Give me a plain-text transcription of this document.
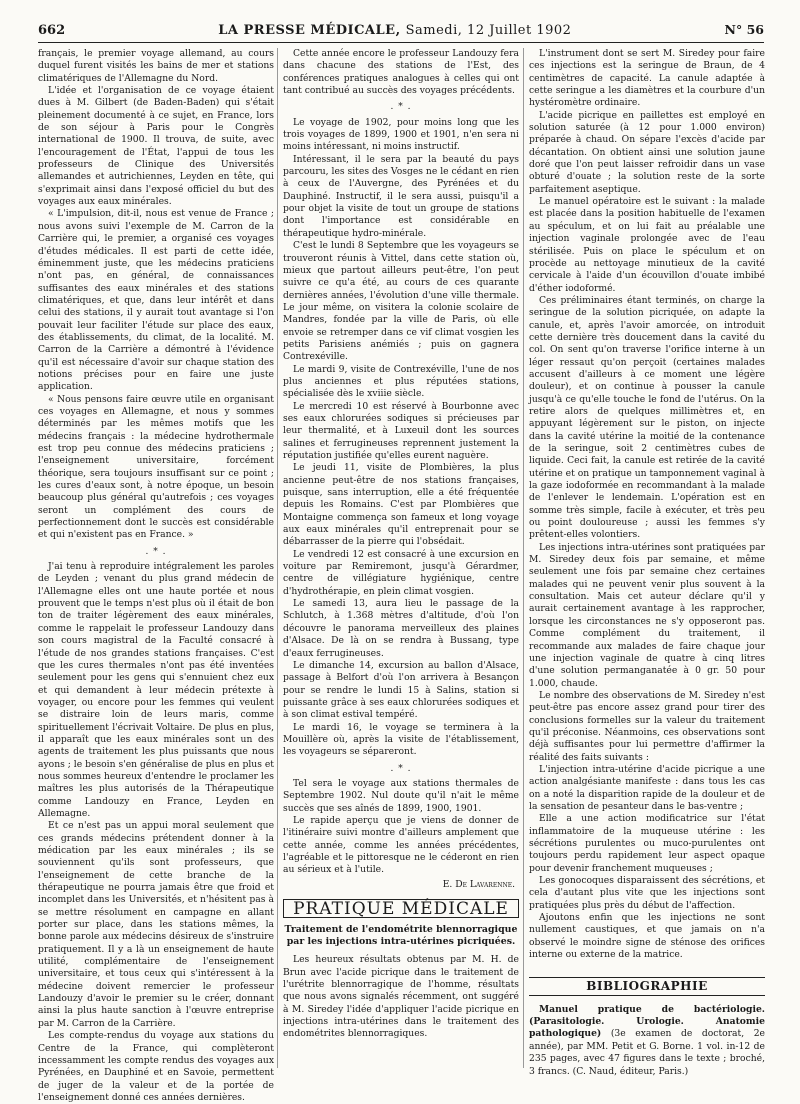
662	LA PRESSE MÉDICALE, Samedi, 12 Juillet 1902	N° 56

français, le premier voyage allemand, au cours duquel furent visités les bains de mer et stations climatériques de l'Allemagne du Nord.

L'idée et l'organisation de ce voyage étaient dues à M. Gilbert (de Baden-Baden) qui s'était pleinement documenté à ce sujet, en France, lors de son séjour à Paris pour le Congrès international de 1900. Il trouva, de suite, avec l'encouragement de l'État, l'appui de tous les professeurs de Clinique des Universités allemandes et autrichiennes, Leyden en tête, qui s'exprimait ainsi dans l'exposé officiel du but des voyages aux eaux minérales.

« L'impulsion, dit-il, nous est venue de France ; nous avons suivi l'exemple de M. Carron de la Carrière qui, le premier, a organisé ces voyages d'études médicales. Il est parti de cette idée, éminemment juste, que les médecins praticiens n'ont pas, en général, de connaissances suffisantes des eaux minérales et des stations climatériques, et que, dans leur intérêt et dans celui des stations, il y aurait tout avantage si l'on pouvait leur faciliter l'étude sur place des eaux, des établissements, du climat, de la localité. M. Carron de la Carrière a démontré à l'évidence qu'il est nécessaire d'avoir sur chaque station des notions précises pour en faire une juste application.

« Nous pensons faire œuvre utile en organisant ces voyages en Allemagne, et nous y sommes déterminés par les mêmes motifs que les médecins français : la médecine hydrothermale est trop peu connue des médecins praticiens ; l'enseignement universitaire, forcément théorique, sera toujours insuffisant sur ce point ; les cures d'eaux sont, à notre époque, un besoin beaucoup plus général qu'autrefois ; ces voyages seront un complément des cours de perfectionnement dont le succès est considérable et qui n'existent pas en France. »

. * .

J'ai tenu à reproduire intégralement les paroles de Leyden ; venant du plus grand médecin de l'Allemagne elles ont une haute portée et nous prouvent que le temps n'est plus où il était de bon ton de traiter légèrement des eaux minérales, comme le rappelait le professeur Landouzy dans son cours magistral de la Faculté consacré à l'étude de nos grandes stations françaises. C'est que les cures thermales n'ont pas été inventées seulement pour les gens qui s'ennuient chez eux et qui demandent à leur médecin prétexte à voyager, ou encore pour les femmes qui veulent se distraire loin de leurs maris, comme spirituellement l'écrivait Voltaire. De plus en plus, il apparaît que les eaux minérales sont un des agents de traitement les plus puissants que nous ayons ; le besoin s'en généralise de plus en plus et nous sommes heureux d'entendre le proclamer les maîtres les plus autorisés de la Thérapeutique comme Landouzy en France, Leyden en Allemagne.

Et ce n'est pas un appui moral seulement que ces grands médecins prétendent donner à la médication par les eaux minérales ; ils se souviennent qu'ils sont professeurs, que l'enseignement de cette branche de la thérapeutique ne pourra jamais être que froid et incomplet dans les Universités, et n'hésitent pas à se mettre résolument en campagne en allant porter sur place, dans les stations mêmes, la bonne parole aux médecins désireux de s'instruire pratiquement. Il y a là un enseignement de haute utilité, complémentaire de l'enseignement universitaire, et tous ceux qui s'intéressent à la médecine doivent remercier le professeur Landouzy d'avoir le premier su le créer, donnant ainsi la plus haute sanction à l'œuvre entreprise par M. Carron de la Carrière.

Les compte-rendus du voyage aux stations du Centre de la France, qui complèteront incessamment les compte rendus des voyages aux Pyrénées, en Dauphiné et en Savoie, permettent de juger de la valeur et de la portée de l'enseignement donné ces années dernières.

Cette année encore le professeur Landouzy fera dans chacune des stations de l'Est, des conférences pratiques analogues à celles qui ont tant contribué au succès des voyages précédents.

. * .

Le voyage de 1902, pour moins long que les trois voyages de 1899, 1900 et 1901, n'en sera ni moins intéressant, ni moins instructif.

Intéressant, il le sera par la beauté du pays parcouru, les sites des Vosges ne le cédant en rien à ceux de l'Auvergne, des Pyrénées et du Dauphiné. Instructif, il le sera aussi, puisqu'il a pour objet la visite de tout un groupe de stations dont l'importance est considérable en thérapeutique hydro-minérale.

C'est le lundi 8 Septembre que les voyageurs se trouveront réunis à Vittel, dans cette station où, mieux que partout ailleurs peut-être, l'on peut suivre ce qu'a été, au cours de ces quarante dernières années, l'évolution d'une ville thermale. Le jour même, on visitera la colonie scolaire de Mandres, fondée par la ville de Paris, où elle envoie se retremper dans ce vif climat vosgien les petits Parisiens anémiés ; puis on gagnera Contrexéville.

Le mardi 9, visite de Contrexéville, l'une de nos plus anciennes et plus réputées stations, spécialisée dès le xviiie siècle.

Le mercredi 10 est réservé à Bourbonne avec ses eaux chlorurées sodiques si précieuses par leur thermalité, et à Luxeuil dont les sources salines et ferrugineuses reprennent justement la réputation justifiée qu'elles eurent naguère.

Le jeudi 11, visite de Plombières, la plus ancienne peut-être de nos stations françaises, puisque, sans interruption, elle a été fréquentée depuis les Romains. C'est par Plombières que Montaigne commença son fameux et long voyage aux eaux minérales qu'il entreprenait pour se débarrasser de la pierre qui l'obsédait.

Le vendredi 12 est consacré à une excursion en voiture par Remiremont, jusqu'à Gérardmer, centre de villégiature hygiénique, centre d'hydrothérapie, en plein climat vosgien.

Le samedi 13, aura lieu le passage de la Schlutch, à 1.368 mètres d'altitude, d'où l'on découvre le panorama merveilleux des plaines d'Alsace. De là on se rendra à Bussang, type d'eaux ferrugineuses.

Le dimanche 14, excursion au ballon d'Alsace, passage à Belfort d'où l'on arrivera à Besançon pour se rendre le lundi 15 à Salins, station si puissante grâce à ses eaux chlorurées sodiques et à son climat estival tempéré.

Le mardi 16, le voyage se terminera à la Mouillère où, après la visite de l'établissement, les voyageurs se sépareront.

. * .

Tel sera le voyage aux stations thermales de Septembre 1902. Nul doute qu'il n'ait le même succès que ses aînés de 1899, 1900, 1901.

Le rapide aperçu que je viens de donner de l'itinéraire suivi montre d'ailleurs amplement que cette année, comme les années précédentes, l'agréable et le pittoresque ne le céderont en rien au sérieux et à l'utile.

E. De Lavarenne.
PRATIQUE MÉDICALE
Traitement de l'endométrite blennorragique par les injections intra-utérines picriquées.

Les heureux résultats obtenus par M. H. de Brun avec l'acide picrique dans le traitement de l'urétrite blennorragique de l'homme, résultats que nous avons signalés récemment, ont suggéré à M. Siredey l'idée d'appliquer l'acide picrique en injections intra-utérines dans le traitement des endométrites blennorragiques.

L'instrument dont se sert M. Siredey pour faire ces injections est la seringue de Braun, de 4 centimètres de capacité. La canule adaptée à cette seringue a les diamètres et la courbure d'un hystéromètre ordinaire.

L'acide picrique en paillettes est employé en solution saturée (à 12 pour 1.000 environ) préparée à chaud. On sépare l'excès d'acide par décantation. On obtient ainsi une solution jaune doré que l'on peut laisser refroidir dans un vase obturé d'ouate ; la solution reste de la sorte parfaitement aseptique.

Le manuel opératoire est le suivant : la malade est placée dans la position habituelle de l'examen au spéculum, et on lui fait au préalable une injection vaginale prolongée avec de l'eau stérilisée. Puis on place le spéculum et on procède au nettoyage minutieux de la cavité cervicale à l'aide d'un écouvillon d'ouate imbibé d'éther iodoformé.

Ces préliminaires étant terminés, on charge la seringue de la solution picriquée, on adapte la canule, et, après l'avoir amorcée, on introduit cette dernière très doucement dans la cavité du col. On sent qu'on traverse l'orifice interne à un léger ressaut qu'on perçoit (certaines malades accusent d'ailleurs à ce moment une légère douleur), et on continue à pousser la canule jusqu'à ce qu'elle touche le fond de l'utérus. On la retire alors de quelques millimètres et, en appuyant légèrement sur le piston, on injecte dans la cavité utérine la moitié de la contenance de la seringue, soit 2 centimètres cubes de liquide. Ceci fait, la canule est retirée de la cavité utérine et on pratique un tamponnement vaginal à la gaze iodoformée en recommandant à la malade de l'enlever le lendemain. L'opération est en somme très simple, facile à exécuter, et très peu ou point douloureuse ; aussi les femmes s'y prêtent-elles volontiers.

Les injections intra-utérines sont pratiquées par M. Siredey deux fois par semaine, et même seulement une fois par semaine chez certaines malades qui ne peuvent venir plus souvent à la consultation. Mais cet auteur déclare qu'il y aurait certainement avantage à les rapprocher, lorsque les circonstances ne s'y opposeront pas. Comme complément du traitement, il recommande aux malades de faire chaque jour une injection vaginale de quatre à cinq litres d'une solution permanganatée à 0 gr. 50 pour 1.000, chaude.

Le nombre des observations de M. Siredey n'est peut-être pas encore assez grand pour tirer des conclusions formelles sur la valeur du traitement qu'il préconise. Néanmoins, ces observations sont déjà suffisantes pour lui permettre d'affirmer la réalité des faits suivants :

L'injection intra-utérine d'acide picrique a une action analgésiante manifeste : dans tous les cas on a noté la disparition rapide de la douleur et de la sensation de pesanteur dans le bas-ventre ;

Elle a une action modificatrice sur l'état inflammatoire de la muqueuse utérine : les sécrétions purulentes ou muco-purulentes ont toujours perdu rapidement leur aspect opaque pour devenir franchement muqueuses ;

Les gonocoques disparaissent des sécrétions, et cela d'autant plus vite que les injections sont pratiquées plus près du début de l'affection.

Ajoutons enfin que les injections ne sont nullement caustiques, et que jamais on n'a observé le moindre signe de sténose des orifices interne ou externe de la matrice.

BIBLIOGRAPHIE

Manuel pratique de bactériologie. (Parasitologie. Urologie. Anatomie pathologique) (3e examen de doctorat, 2e année), par MM. Petit et G. Borne. 1 vol. in-12 de 235 pages, avec 47 figures dans le texte ; broché, 3 francs. (C. Naud, éditeur, Paris.)
